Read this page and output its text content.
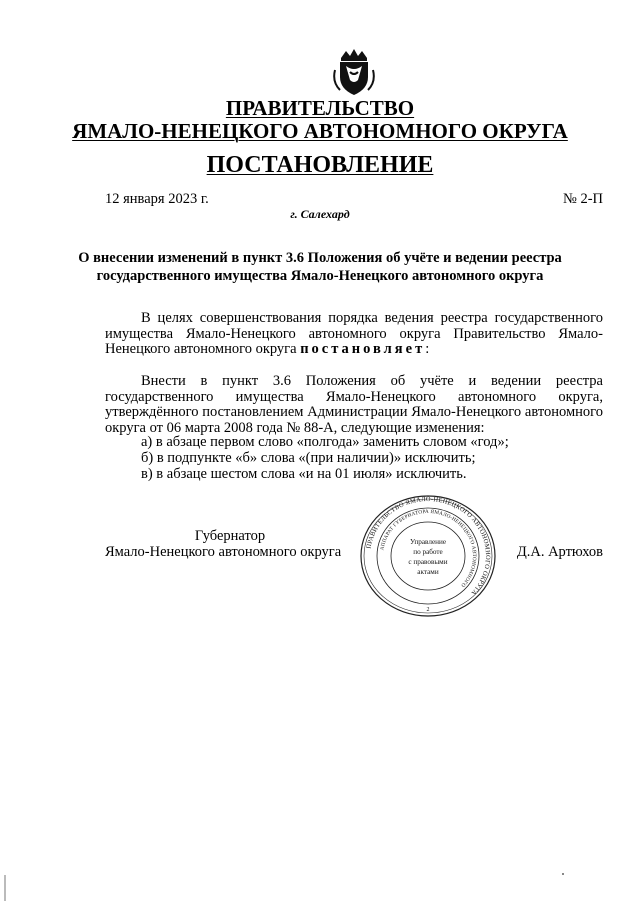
ПРАВИТЕЛЬСТВО
ЯМАЛО-НЕНЕЦКОГО АВТОНОМНОГО ОКРУГА
ПОСТАНОВЛЕНИЕ
12 января 2023 г.	№ 2-П
г. Салехард
О внесении изменений в пункт 3.6 Положения об учёте и ведении реестра
государственного имущества Ямало-Ненецкого автономного округа
В целях совершенствования порядка ведения реестра государственного имущества Ямало-Ненецкого автономного округа Правительство Ямало-Ненецкого автономного округа постановляет:
Внести в пункт 3.6 Положения об учёте и ведении реестра государственного имущества Ямало-Ненецкого автономного округа, утверждённого постановлением Администрации Ямало-Ненецкого автономного округа от 06 марта 2008 года № 88-А, следующие изменения:
а) в абзаце первом слово «полгода» заменить словом «год»;
б) в подпункте «б» слова «(при наличии)» исключить;
в) в абзаце шестом слова «и на 01 июля» исключить.
Губернатор
Ямало-Ненецкого автономного округа	Д.А. Артюхов
ПРАВИТЕЛЬСТВО ЯМАЛО-НЕНЕЦКОГО АВТОНОМНОГО ОКРУГА
АППАРАТ ГУБЕРНАТОРА ЯМАЛО-НЕНЕЦКОГО АВТОНОМНОГО
Управление
по работе
с правовыми
актами
2
